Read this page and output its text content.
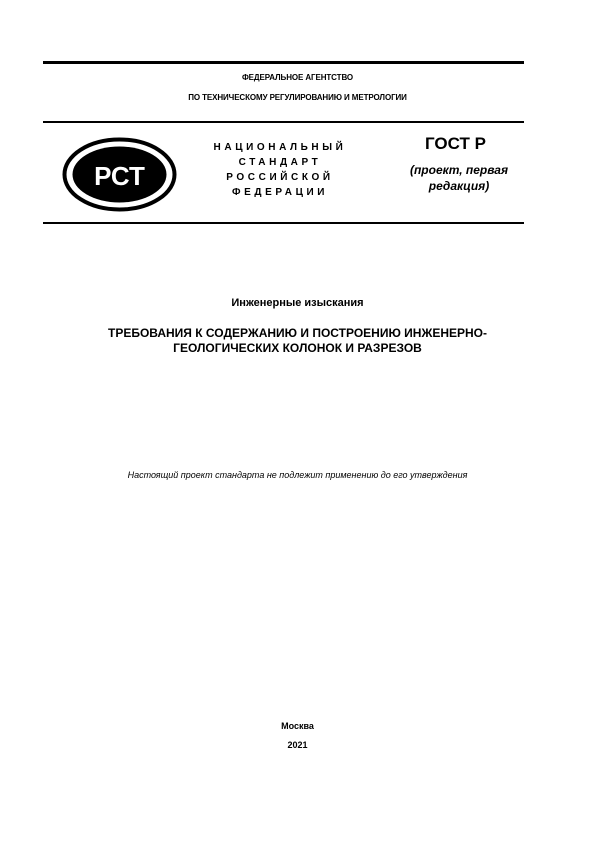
ФЕДЕРАЛЬНОЕ АГЕНТСТВО
ПО ТЕХНИЧЕСКОМУ РЕГУЛИРОВАНИЮ И МЕТРОЛОГИИ
РСТ
НАЦИОНАЛЬНЫЙ
СТАНДАРТ
РОССИЙСКОЙ
ФЕДЕРАЦИИ
ГОСТ Р
(проект, первая
редакция)
Инженерные изыскания
ТРЕБОВАНИЯ К СОДЕРЖАНИЮ И ПОСТРОЕНИЮ ИНЖЕНЕРНО-
ГЕОЛОГИЧЕСКИХ КОЛОНОК И РАЗРЕЗОВ
Настоящий проект стандарта не подлежит применению до его утверждения
Москва
2021
